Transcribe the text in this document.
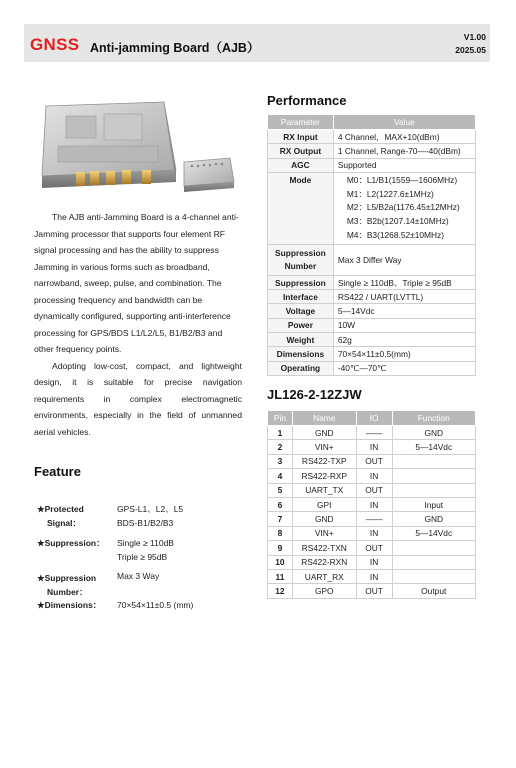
GNSS Anti-jamming Board（AJB）
V1.00
2025.05

The AJB anti-Jamming Board is a 4-channel anti-Jamming processor that supports four element RF signal processing and has the ability to suppress Jamming in various forms such as broadband, narrowband, sweep, pulse, and combination. The processing frequency and bandwidth can be dynamically configured, supporting anti-interference processing for GPS/BDS L1/L2/L5, B1/B2/B3 and other frequency points.

Adopting low-cost, compact, and lightweight design, it is suitable for precise navigation requirements in complex electromagnetic environments, especially in the field of unmanned aerial vehicles.

Feature
★Protected
Signal：
GPS-L1、L2、L5
BDS-B1/B2/B3
★Suppression： Single ≥ 110dB
Triple ≥ 95dB
★Suppression
Number：
Max 3 Way
★Dimensions： 70×54×11±0.5 (mm)
Performance
Parameter	Value
RX Input	4 Channel，MAX+10(dBm)
RX Output	1 Channel, Range-70—-40(dBm)
AGC	Supported
Mode	M0：L1/B1(1559—1606MHz)
M1：L2(1227.6±1MHz)
M2：L5/B2a(1176.45±12MHz)
M3：B2b(1207.14±10MHz)
M4：B3(1268.52±10MHz)

Suppression Number	Max 3 Differ Way
Suppression	Single ≥ 110dB、Triple ≥ 95dB
Interface	RS422 / UART(LVTTL)
Voltage	5—14Vdc
Power	10W
Weight	62g
Dimensions	70×54×11±0.5(mm)
Operating	-40℃—70℃
JL126-2-12ZJW
Pin	Name	IO	Function
1	GND	——	GND
2	VIN+	IN	5—14Vdc
3	RS422-TXP	OUT	
4	RS422-RXP	IN	
5	UART_TX	OUT	
6	GPI	IN	Input
7	GND	——	GND
8	VIN+	IN	5—14Vdc
9	RS422-TXN	OUT	
10	RS422-RXN	IN	
11	UART_RX	IN	
12	GPO	OUT	Output
